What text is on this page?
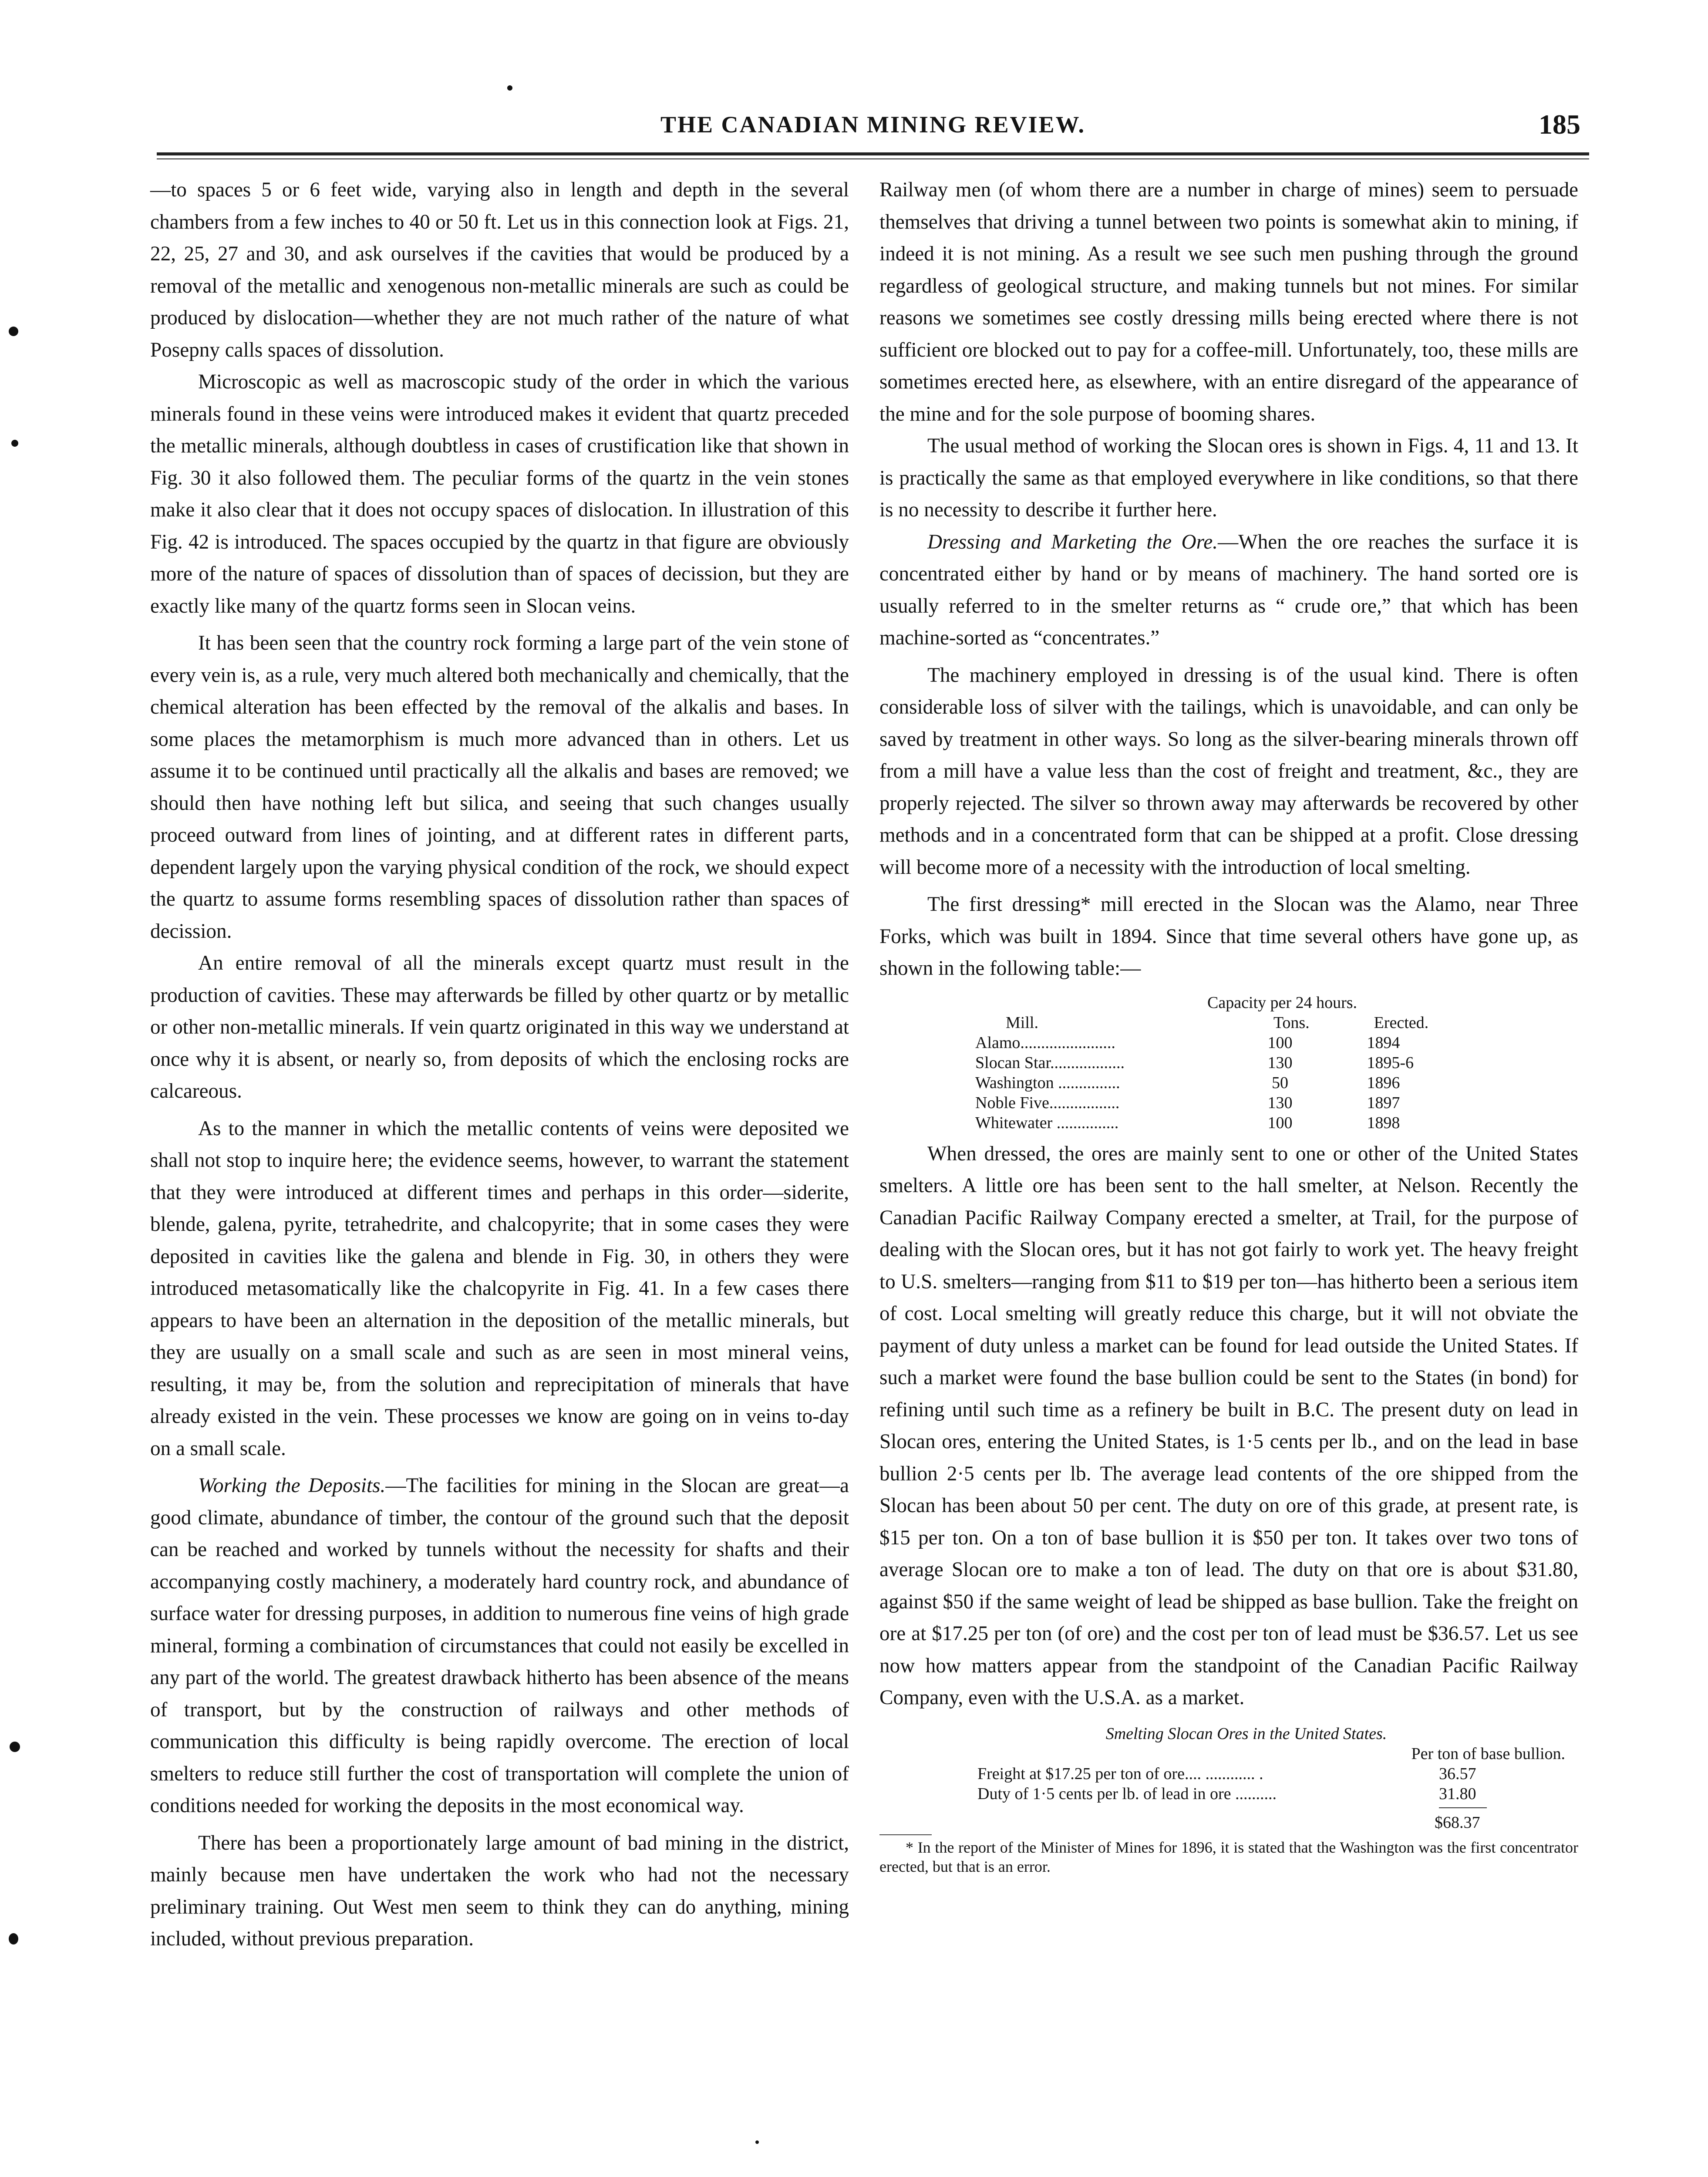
THE CANADIAN MINING REVIEW.	185

—to spaces 5 or 6 feet wide, varying also in length and depth in the several chambers from a few inches to 40 or 50 ft. Let us in this connection look at Figs. 21, 22, 25, 27 and 30, and ask ourselves if the cavities that would be produced by a removal of the metallic and xenogenous non-metallic minerals are such as could be produced by dislocation—whether they are not much rather of the nature of what Posepny calls spaces of dissolution.

Microscopic as well as macroscopic study of the order in which the various minerals found in these veins were introduced makes it evident that quartz preceded the metallic minerals, although doubtless in cases of crustification like that shown in Fig. 30 it also followed them. The peculiar forms of the quartz in the vein stones make it also clear that it does not occupy spaces of dislocation. In illustration of this Fig. 42 is introduced. The spaces occupied by the quartz in that figure are obviously more of the nature of spaces of dissolution than of spaces of decission, but they are exactly like many of the quartz forms seen in Slocan veins.

It has been seen that the country rock forming a large part of the vein stone of every vein is, as a rule, very much altered both mechanically and chemically, that the chemical alteration has been effected by the removal of the alkalis and bases. In some places the metamorphism is much more advanced than in others. Let us assume it to be continued until practically all the alkalis and bases are removed; we should then have nothing left but silica, and seeing that such changes usually proceed outward from lines of jointing, and at different rates in different parts, dependent largely upon the varying physical condition of the rock, we should expect the quartz to assume forms resembling spaces of dissolution rather than spaces of decission.

An entire removal of all the minerals except quartz must result in the production of cavities. These may afterwards be filled by other quartz or by metallic or other non-metallic minerals. If vein quartz originated in this way we understand at once why it is absent, or nearly so, from deposits of which the enclosing rocks are calcareous.

As to the manner in which the metallic contents of veins were deposited we shall not stop to inquire here; the evidence seems, however, to warrant the statement that they were introduced at different times and perhaps in this order—siderite, blende, galena, pyrite, tetrahedrite, and chalcopyrite; that in some cases they were deposited in cavities like the galena and blende in Fig. 30, in others they were introduced metasomatically like the chalcopyrite in Fig. 41. In a few cases there appears to have been an alternation in the deposition of the metallic minerals, but they are usually on a small scale and such as are seen in most mineral veins, resulting, it may be, from the solution and reprecipitation of minerals that have already existed in the vein. These processes we know are going on in veins to-day on a small scale.

Working the Deposits.—The facilities for mining in the Slocan are great—a good climate, abundance of timber, the contour of the ground such that the deposit can be reached and worked by tunnels without the necessity for shafts and their accompanying costly machinery, a moderately hard country rock, and abundance of surface water for dressing purposes, in addition to numerous fine veins of high grade mineral, forming a combination of circumstances that could not easily be excelled in any part of the world. The greatest drawback hitherto has been absence of the means of transport, but by the construction of railways and other methods of communication this difficulty is being rapidly overcome. The erection of local smelters to reduce still further the cost of transportation will complete the union of conditions needed for working the deposits in the most economical way.

There has been a proportionately large amount of bad mining in the district, mainly because men have undertaken the work who had not the necessary preliminary training. Out West men seem to think they can do anything, mining included, without previous preparation.

Railway men (of whom there are a number in charge of mines) seem to persuade themselves that driving a tunnel between two points is somewhat akin to mining, if indeed it is not mining. As a result we see such men pushing through the ground regardless of geological structure, and making tunnels but not mines. For similar reasons we sometimes see costly dressing mills being erected where there is not sufficient ore blocked out to pay for a coffee-mill. Unfortunately, too, these mills are sometimes erected here, as elsewhere, with an entire disregard of the appearance of the mine and for the sole purpose of booming shares.

The usual method of working the Slocan ores is shown in Figs. 4, 11 and 13. It is practically the same as that employed everywhere in like conditions, so that there is no necessity to describe it further here.

Dressing and Marketing the Ore.—When the ore reaches the surface it is concentrated either by hand or by means of machinery. The hand sorted ore is usually referred to in the smelter returns as “ crude ore,” that which has been machine-sorted as “concentrates.”

The machinery employed in dressing is of the usual kind. There is often considerable loss of silver with the tailings, which is unavoidable, and can only be saved by treatment in other ways. So long as the silver-bearing minerals thrown off from a mill have a value less than the cost of freight and treatment, &c., they are properly rejected. The silver so thrown away may afterwards be recovered by other methods and in a concentrated form that can be shipped at a profit. Close dressing will become more of a necessity with the introduction of local smelting.

The first dressing* mill erected in the Slocan was the Alamo, near Three Forks, which was built in 1894. Since that time several others have gone up, as shown in the following table:—

Capacity per 24 hours.
Mill.	Tons.	Erected.
Alamo.......................	100	1894
Slocan Star..................	130	1895-6
Washington ...............	50	1896
Noble Five.................	130	1897
Whitewater ...............	100	1898

When dressed, the ores are mainly sent to one or other of the United States smelters. A little ore has been sent to the hall smelter, at Nelson. Recently the Canadian Pacific Railway Company erected a smelter, at Trail, for the purpose of dealing with the Slocan ores, but it has not got fairly to work yet. The heavy freight to U.S. smelters—ranging from $11 to $19 per ton—has hitherto been a serious item of cost. Local smelting will greatly reduce this charge, but it will not obviate the payment of duty unless a market can be found for lead outside the United States. If such a market were found the base bullion could be sent to the States (in bond) for refining until such time as a refinery be built in B.C. The present duty on lead in Slocan ores, entering the United States, is 1·5 cents per lb., and on the lead in base bullion 2·5 cents per lb. The average lead contents of the ore shipped from the Slocan has been about 50 per cent. The duty on ore of this grade, at present rate, is $15 per ton. On a ton of base bullion it is $50 per ton. It takes over two tons of average Slocan ore to make a ton of lead. The duty on that ore is about $31.80, against $50 if the same weight of lead be shipped as base bullion. Take the freight on ore at $17.25 per ton (of ore) and the cost per ton of lead must be $36.57. Let us see now how matters appear from the standpoint of the Canadian Pacific Railway Company, even with the U.S.A. as a market.

Smelting Slocan Ores in the United States.
Per ton of base bullion.
Freight at $17.25 per ton of ore.... ............ .	36.57
Duty of 1·5 cents per lb. of lead in ore ..........	31.80
$68.37
* In the report of the Minister of Mines for 1896, it is stated that the Washington was the first concentrator erected, but that is an error.
